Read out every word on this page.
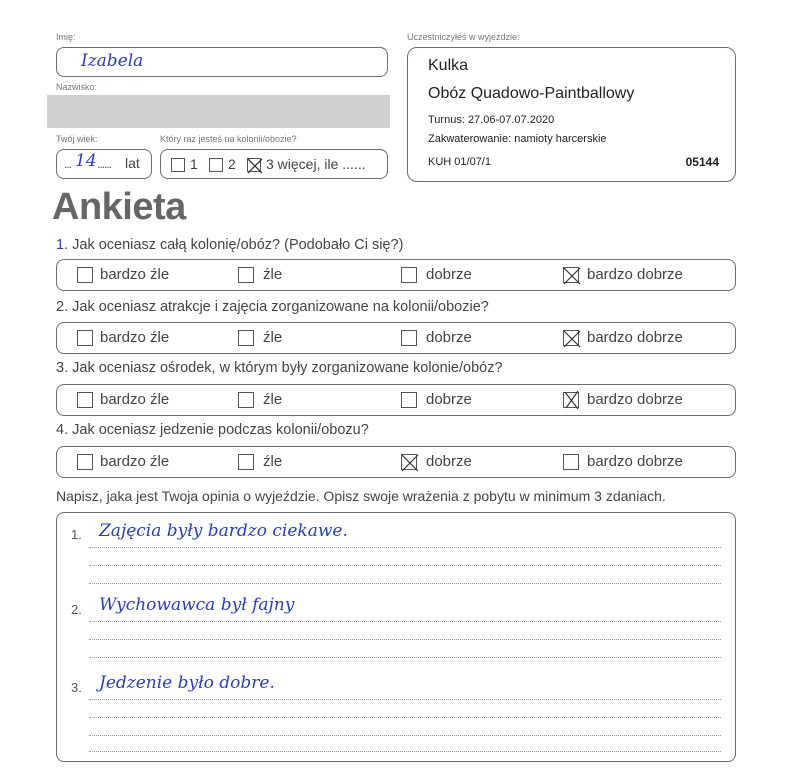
Imię:
Izabela
Nazwisko:
Twój wiek:
... 14 ...... lat
Który raz jesteś na kolonii/obozie?
1 2 3 więcej, ile ......
Uczestniczyłeś w wyjeździe:
Kulka
Obóz Quadowo-Paintballowy
Turnus: 27.06-07.07.2020
Zakwaterowanie: namioty harcerskie
KUH 01/07/1	05144
Ankieta
1. Jak oceniasz całą kolonię/obóz? (Podobało Ci się?)
bardzo źle	źle	dobrze	bardzo dobrze
2. Jak oceniasz atrakcje i zajęcia zorganizowane na kolonii/obozie?
bardzo źle	źle	dobrze	bardzo dobrze
3. Jak oceniasz ośrodek, w którym były zorganizowane kolonie/obóz?
bardzo źle	źle	dobrze	bardzo dobrze
4. Jak oceniasz jedzenie podczas kolonii/obozu?
bardzo źle	źle	dobrze	bardzo dobrze
Napisz, jaka jest Twoja opinia o wyjeździe. Opisz swoje wrażenia z pobytu w minimum 3 zdaniach.
1. Zajęcia były bardzo ciekawe.
2. Wychowawca był fajny
3. Jedzenie było dobre.
